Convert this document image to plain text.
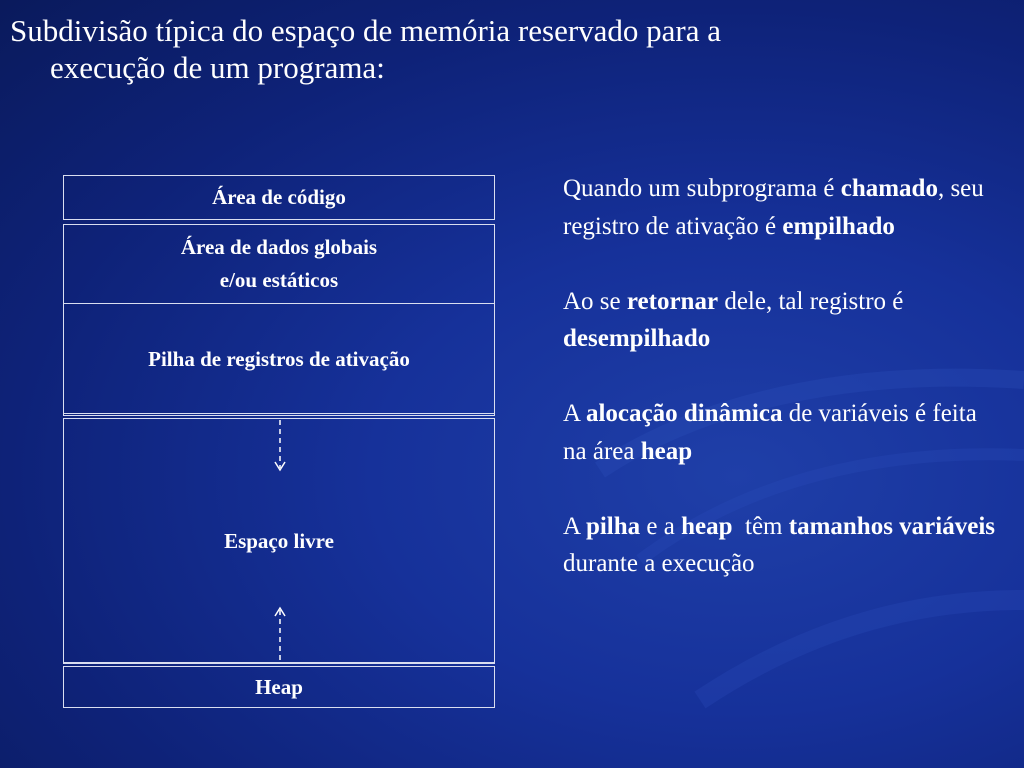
Subdivisão típica do espaço de memória reservado para a
execução de um programa:
Área de código
Área de dados globais
e/ou estáticos
Pilha de registros de ativação
Espaço livre
Heap

Quando um subprograma é chamado, seu registro de ativação é empilhado

Ao se retornar dele, tal registro é desempilhado

A alocação dinâmica de variáveis é feita na área heap

A pilha e a heap  têm tamanhos variáveis durante a execução
